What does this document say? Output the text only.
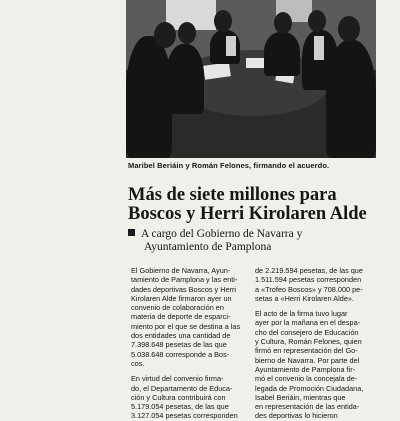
Maribel Beriáin y Román Felones, firmando el acuerdo.
Más de siete millones para
Boscos y Herri Kirolaren Alde
A cargo del Gobierno de Navarra y
Ayuntamiento de Pamplona
El Gobierno de Navarra, Ayun-
tamiento de Pamplona y las enti-
dades deportivas Boscos y Herri
Kirolaren Alde firmaron ayer un
convenio de colaboración en
materia de deporte de esparci-
miento por el que se destina a las
dos entidades una cantidad de
7.398.648 pesetas de las que
5.038.648 corresponde a Bos-
cos.
En virtud del convenio firma-
do, el Departamento de Educa-
ción y Cultura contribuirá con
5.179.054 pesetas, de las que
3.127.054 pesetas corresponden
de 2.219.594 pesetas, de las que
1.511.594 pesetas corresponden
a «Trofeo Boscos» y 708.000 pe-
setas a «Herri Kirolaren Alde».
El acto de la firma tuvo lugar
ayer por la mañana en el despa-
cho del consejero de Educación
y Cultura, Román Felones, quien
firmó en representación del Go-
bierno de Navarra. Por parte del
Ayuntamiento de Pamplona fir-
mó el convenio la concejala de-
legada de Promoción Ciudadana,
Isabel Beriáin, mientras que
en representación de las entida-
des deportivas lo hicieron
